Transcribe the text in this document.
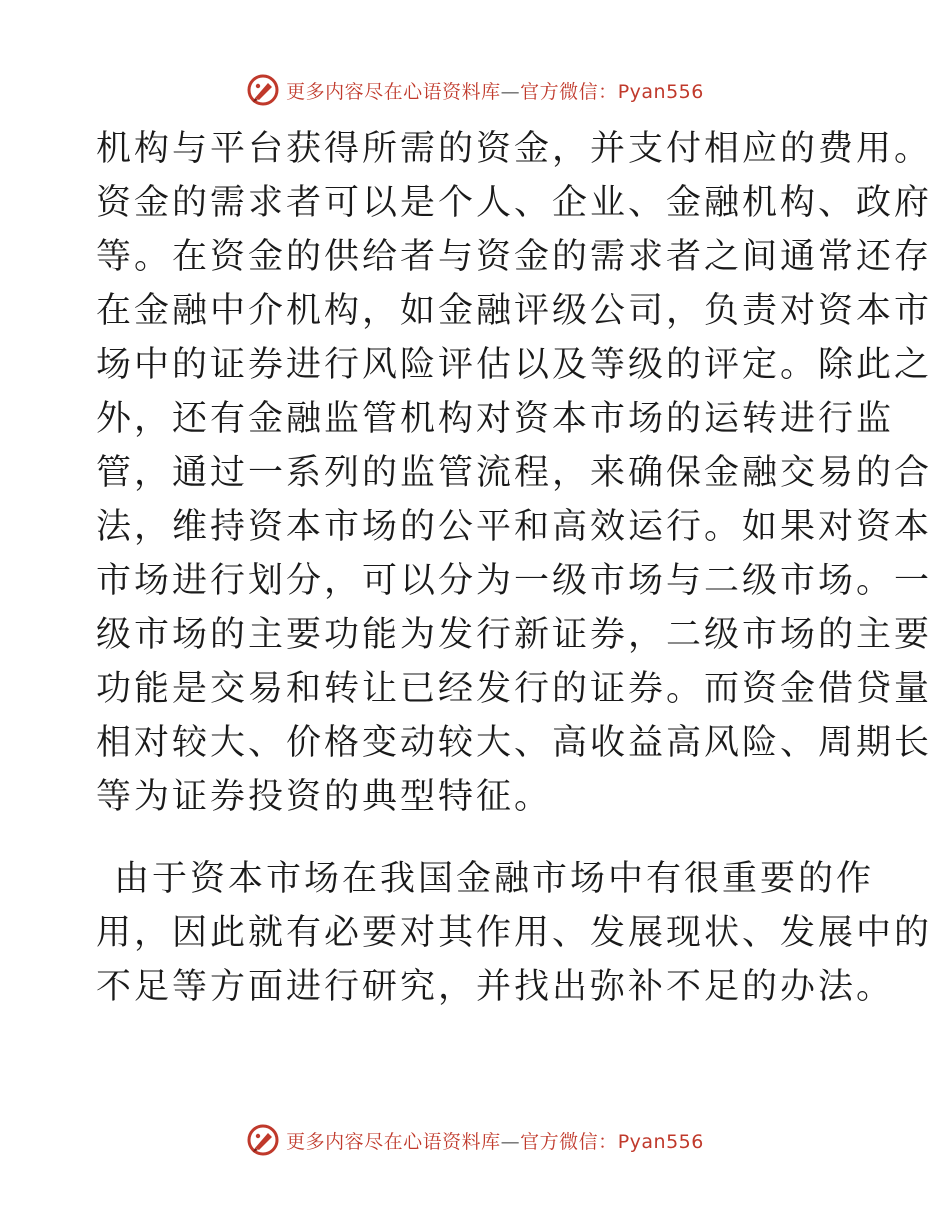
更多内容尽在心语资料库—官方微信：Pyan556

机构与平台获得所需的资金，并支付相应的费用。
资金的需求者可以是个人、企业、金融机构、政府
等。在资金的供给者与资金的需求者之间通常还存
在金融中介机构，如金融评级公司，负责对资本市
场中的证券进行风险评估以及等级的评定。除此之
外，还有金融监管机构对资本市场的运转进行监
管，通过一系列的监管流程，来确保金融交易的合
法，维持资本市场的公平和高效运行。如果对资本
市场进行划分，可以分为一级市场与二级市场。一
级市场的主要功能为发行新证券，二级市场的主要
功能是交易和转让已经发行的证券。而资金借贷量
相对较大、价格变动较大、高收益高风险、周期长
等为证券投资的典型特征。

由于资本市场在我国金融市场中有很重要的作
用，因此就有必要对其作用、发展现状、发展中的
不足等方面进行研究，并找出弥补不足的办法。

更多内容尽在心语资料库—官方微信：Pyan556
